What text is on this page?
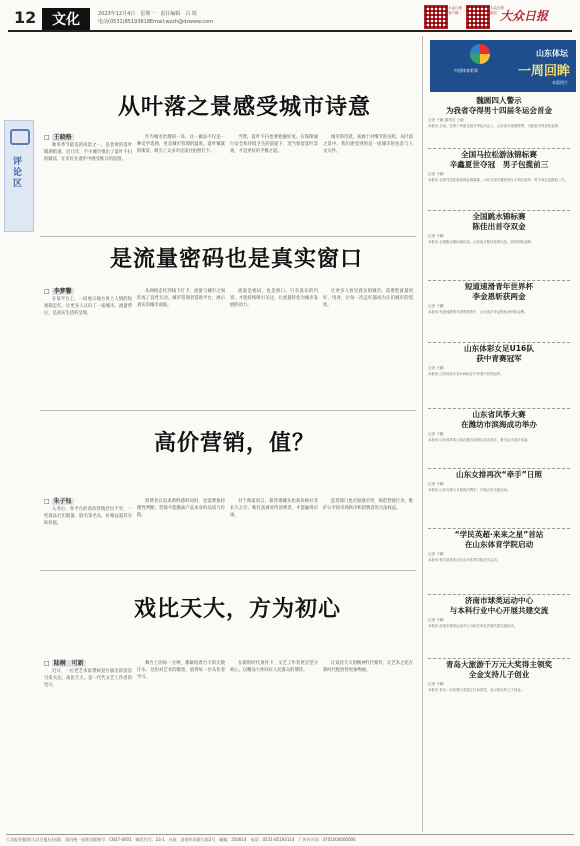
12	文化	2023年12月4日　星期一　责任编辑　吕 锐
电话(0531)85193618 Email:wzzh@dzwww.com
大众日报
客户端
大众日报
微信 大众日报
评论区
从叶落之景感受城市诗意
□ 王晓格
秋冬季节最美的风景之一，是金黄的落叶铺满街道。近几年，不少城市推出了落叶不扫的做法，让市民在漫步中感受秋日的浪漫。
作为城市治理的一环，这一做法不仅是一种美学选择，更是城市管理的温度。落叶铺就的街景，吸引了众多市民前往拍照打卡。
当然，落叶不扫也要把握好度。在保障通行安全和环境卫生的前提下，适当保留落叶景观，才是更好的平衡之道。
城市的诗意，来源于对细节的关照。从叶落之景中，我们感受到的是一座城市的包容与人文关怀。
是流量密码也是真实窗口
□ 李梦馨
在某平台上，一段展示地方风土人情的短视频走红，让更多人认识了一座城市。流量背后，是真实生活的呈现。
从网络走红到线下打卡，流量与城市之间形成了良性互动。城市管理者借助平台，展示真实的城市面貌。
流量是密码，也是窗口。只有真实的内容，才能持续吸引关注，让流量转化为城市发展的动力。
让更多人看见真实的城市，需要把流量用好、用对，让每一次走红都成为认识城市的契机。
高价营销，值？
□ 朱子钰
入冬后，各平台的高价营销层出不穷，一些商品打出限量、联名等名头，价格远超其实际价值。
消费者在追求新鲜感的同时，也需要保持理性判断。营销不能脱离产品本身的品质与价值。
对于商家而言，靠营销噱头抬高价格并非长久之计，唯有真诚对待消费者，才能赢得市场。
监管部门也应加强引导，规范营销行为，维护公平的市场秩序和消费者的合法权益。
戏比天大，方为初心
□ 陆桐　可新
近日，一位老艺术家带病登台演出的消息引发关注。戏比天大，是一代代文艺工作者的坚守。
舞台上的每一分钟，都凝结着台下的无数汗水。这份对艺术的敬畏，值得每一位从业者学习。
在新的时代条件下，文艺工作者更应坚守初心，以精品力作回应人民群众的期待。
让戏比天大的精神代代相传，让艺术之花在新时代绽放得更加绚丽。
山东体坛
一周回眸
本版图片
中国体育彩票
魏圆四人警示
为我省夺得男十四届冬运会首金
记者 于鹏 通讯员 王晓
本报讯 日前，在第十四届全国冬季运动会上，山东选手顽强拼搏，为我省夺得首枚金牌。
全国马拉松游泳锦标赛
辛鑫夏世夺冠　男子包揽前三
记者 于鹏
本报讯 全国马拉松游泳锦标赛落幕，山东名将辛鑫获得女子项目冠军，男子项目包揽前三名。
全国跳水锦标赛
陈佳出首夺双金
记者 于鹏
本报讯 全国跳水锦标赛结束，山东选手陈佳发挥出色，收获两枚金牌。
短道速滑青年世界杯
李金恩斩获两金
记者 于鹏
本报讯 短道速滑青年世界杯赛中，山东选手李金恩斩获两枚金牌。
山东体彩女足U16队
获中青赛冠军
记者 于鹏
本报讯 山东体彩女足U16队在中青赛中获得冠军。
山东省风筝大赛
在潍坊市滨海成功举办
记者 于鹏
本报讯 山东省风筝大赛在潍坊滨海区成功举办，吸引众多选手参赛。
山东女排再次“牵手”日照
记者 于鹏
本报讯 山东女排与日照再次携手，开展合作交流活动。
“学民英超·来来之星”首站
在山东体育学院启动
记者 于鹏
本报讯 相关赛事首站在山东体育学院正式启动。
济南市球类运动中心
与本科行业中心开展共建交流
记者 于鹏
本报讯 济南市球类运动中心与相关单位开展共建交流活动。
青岛大旅游千万元大奖得主领奖
全金支持儿子创业
记者 于鹏
本报讯 青岛一位彩票大奖得主日前领奖，表示将支持儿子创业。
大众报业集团(大众日报社)出版　国内统一连续出版物号：CN37-0001　邮发代号：23-1　社址：济南市泺源大街2号　邮编：250014　电话：0531-85193114　广告许可证：3701004000006
